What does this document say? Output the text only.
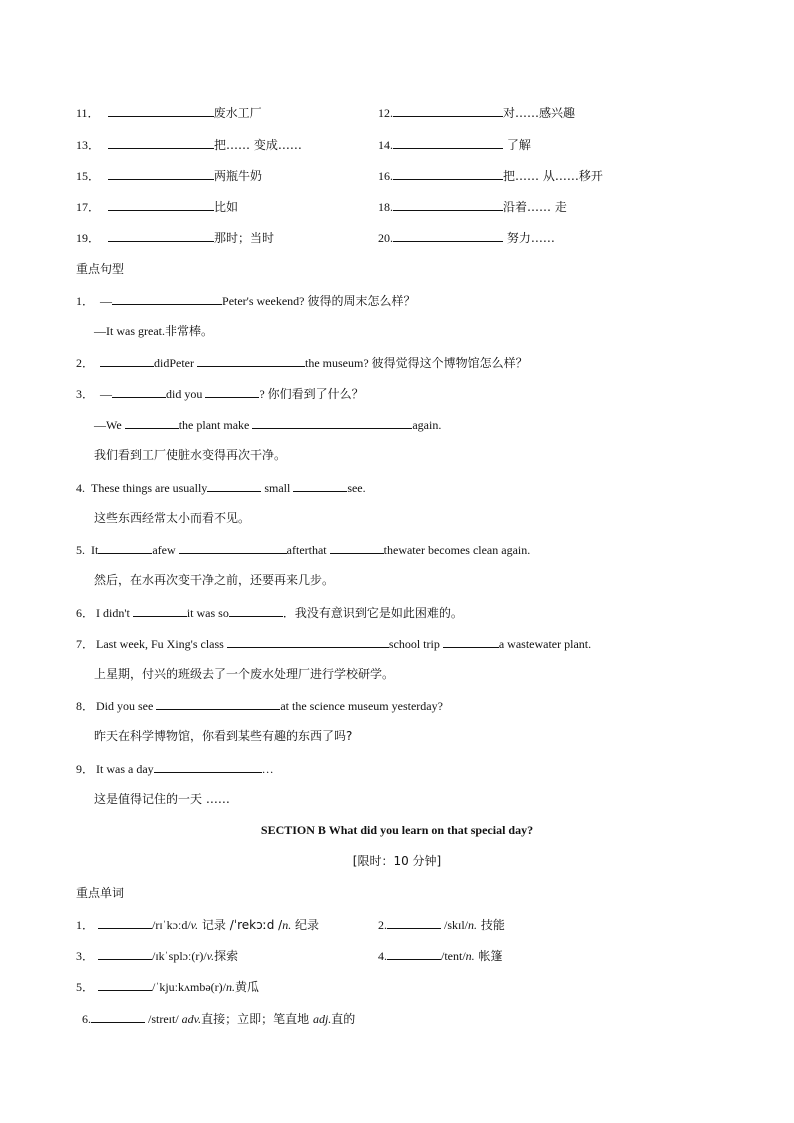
11．	废水工厂	12.	对……感兴趣
13．	把…… 变成……	14.	了解
15．	两瓶牛奶	16.	把…… 从……移开
17．	比如	18.	沿着…… 走
19．	那时；当时	20.	努力……
重点句型
1． —	Peter's weekend? 彼得的周末怎么样？
—It was great.非常棒。
2．	didPeter	the museum? 彼得觉得这个博物馆怎么样？
3． —	did you	? 你们看到了什么？
—We	the plant make	again.
我们看到工厂使脏水变得再次干净。
4. These things are usually	small	see.
这些东西经常太小而看不见。
5. It	afew	afterthat	thewater becomes clean again.
然后，在水再次变干净之前，还要再来几步。
6． I didn't	it was so	．我没有意识到它是如此困难的。
7． Last week, Fu Xing's class	school trip	a wastewater plant.
上星期，付兴的班级去了一个废水处理厂进行学校研学。
8． Did you see	at the science museum yesterday?
昨天在科学博物馆，你看到某些有趣的东西了吗?
9． It was a day	…
这是值得记住的一天 ……
SECTION B What did you learn on that special day?
[限时：10 分钟]
重点单词
1．	/rɪˈkɔːd/v. 记录 /ˈrekɔːd /n. 纪录	2.	/skɪl/n. 技能
3．	/ɪkˈsplɔː(r)/v.探索	4.	/tent/n. 帐篷
5．	/ˈkjuːkʌmbə(r)/n.黄瓜
6.	/streɪt/ adv.直接；立即；笔直地 adj.直的
